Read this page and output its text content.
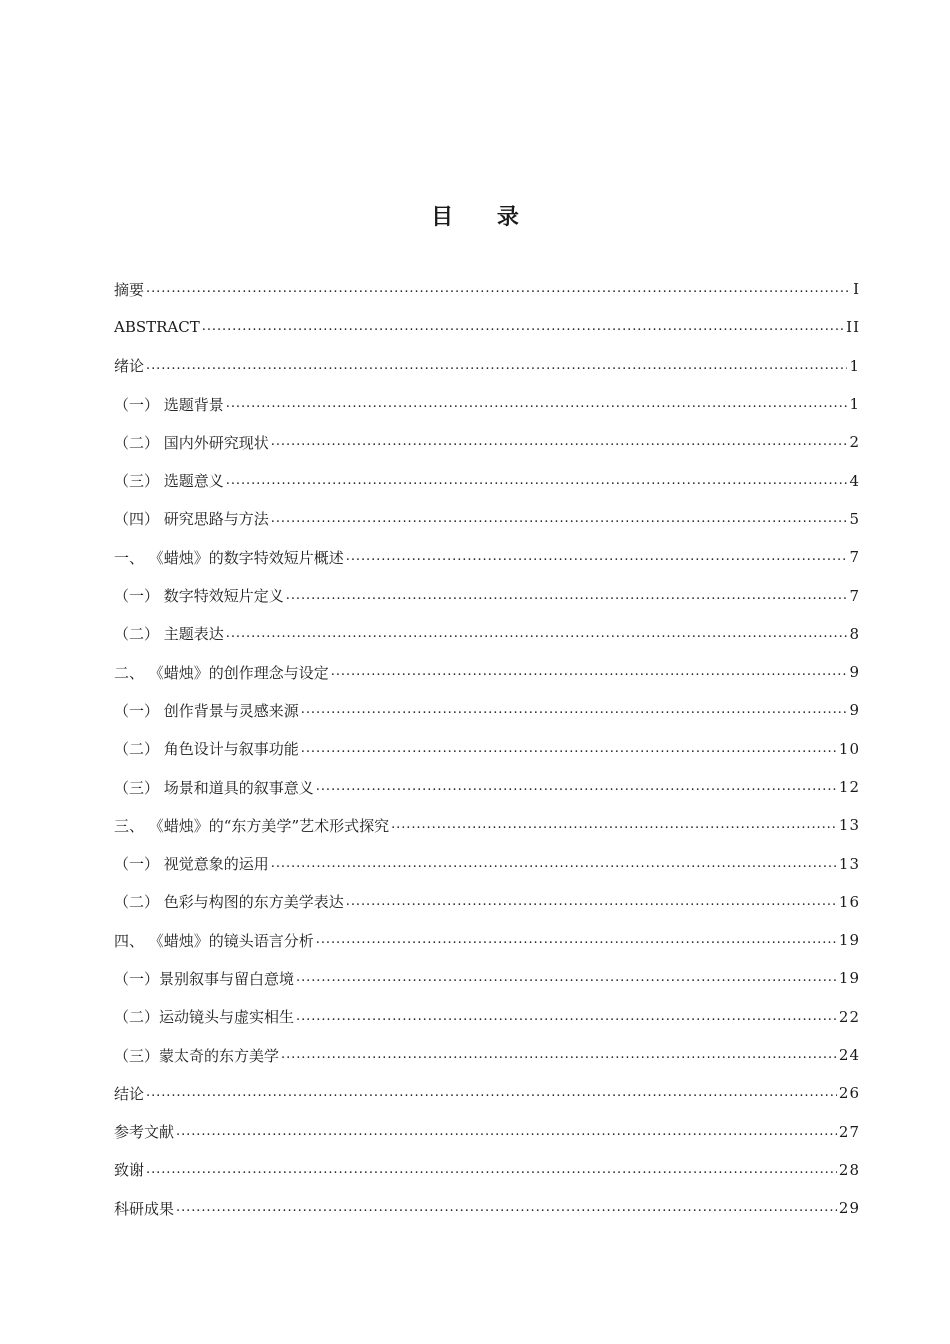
目 录
摘要 . . .	I
ABSTRACT . . .	II
绪论 . . .	1
（一） 选题背景 . . .	1
（二） 国内外研究现状 . . .	2
（三） 选题意义 . . .	4
（四） 研究思路与方法 . . .	5
一、 《蜡烛》的数字特效短片概述 . . .	7
（一） 数字特效短片定义 . . .	7
（二） 主题表达 . . .	8
二、 《蜡烛》的创作理念与设定 . . .	9
（一） 创作背景与灵感来源 . . .	9
（二） 角色设计与叙事功能 . . .	10
（三） 场景和道具的叙事意义 . . .	12
三、 《蜡烛》的“东方美学”艺术形式探究 . . .	13
（一） 视觉意象的运用 . . .	13
（二） 色彩与构图的东方美学表达 . . .	16
四、 《蜡烛》的镜头语言分析 . . .	19
（一）景别叙事与留白意境 . . .	19
（二）运动镜头与虚实相生 . . .	22
（三）蒙太奇的东方美学 . . .	24
结论 . . .	26
参考文献 . . .	27
致谢 . . .	28
科研成果 . . .	29
